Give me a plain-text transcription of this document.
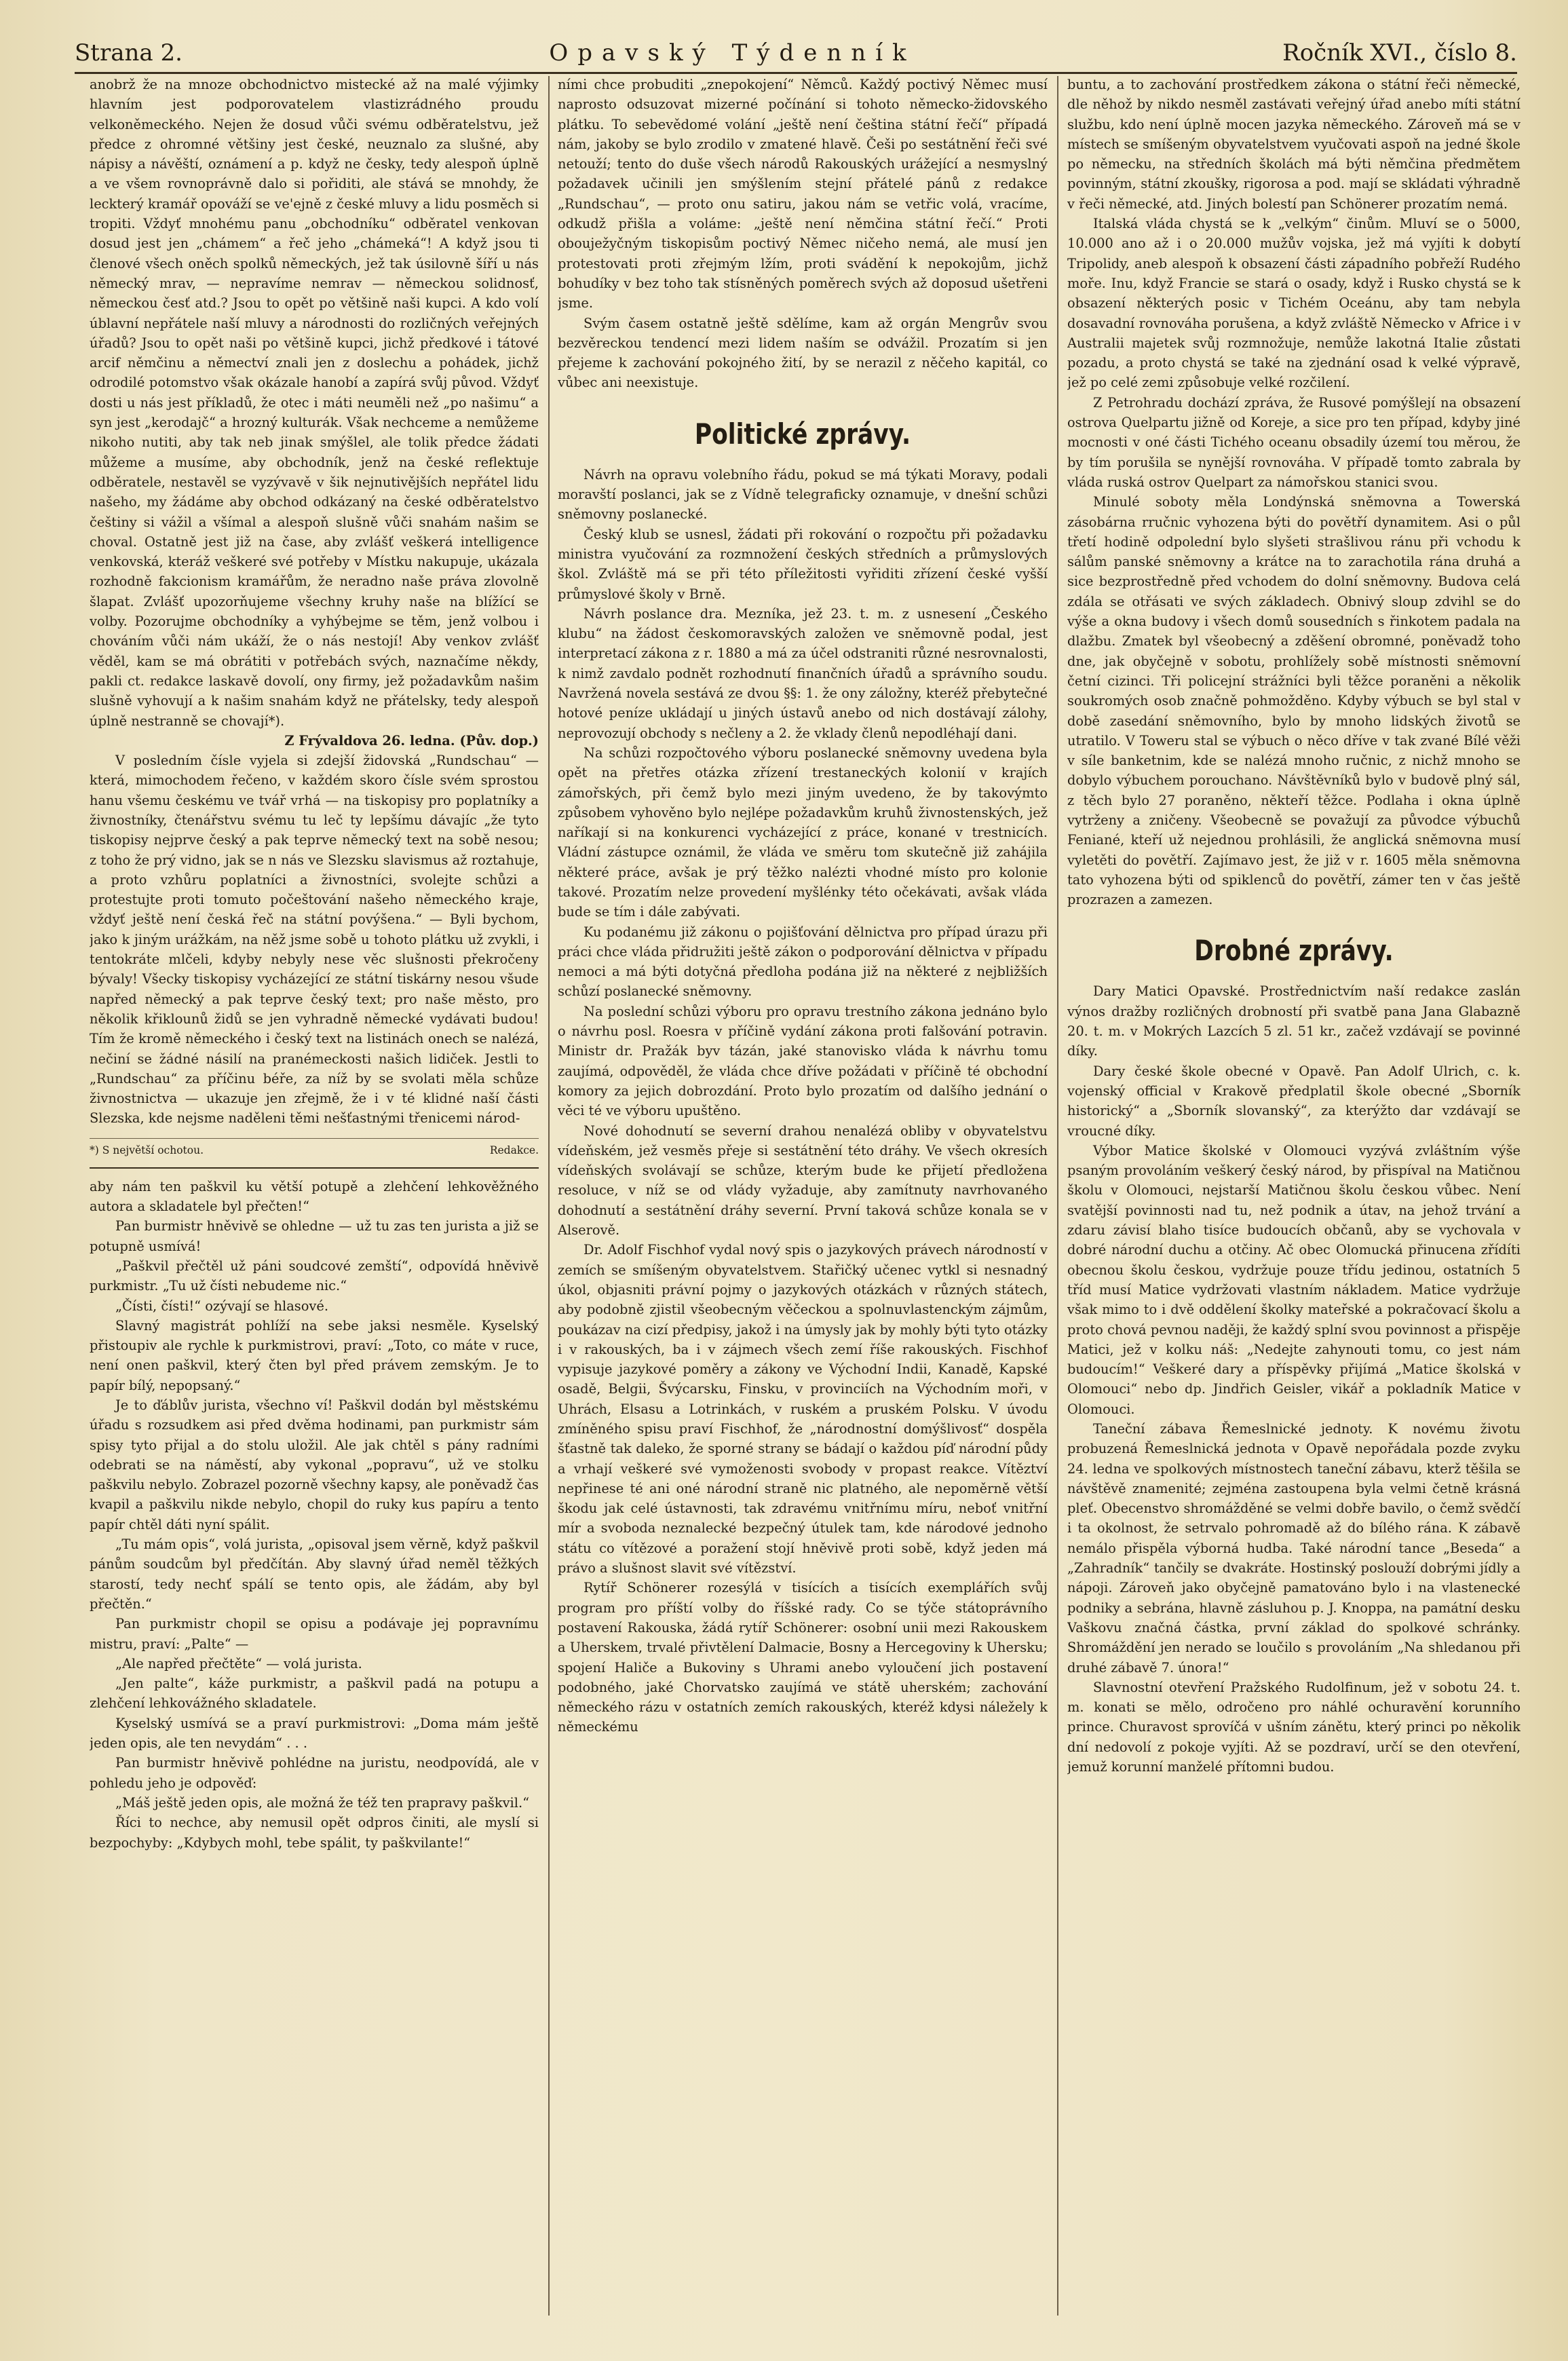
Strana 2.	Opavský Týdenník	Ročník XVI., číslo 8.

anobrž že na mnoze obchodnictvo mistecké až na malé výjimky hlavním jest podporovatelem vlastizrádného proudu velkoněmeckého. Nejen že dosud vůči svému odběratelstvu, jež předce z ohromné většiny jest české, neuznalo za slušné, aby nápisy a návěští, oznámení a p. když ne česky, tedy alespoň úplně a ve všem rovnoprávně dalo si pořiditi, ale stává se mnohdy, že leckterý kramář opováží se ve'ejně z české mluvy a lidu posměch si tropiti. Vždyť mnohému panu „obchodníku“ odběratel venkovan dosud jest jen „chámem“ a řeč jeho „chámeká“! A když jsou ti členové všech oněch spolků německých, jež tak úsilovně šíří u nás německý mrav, — nepravíme nemrav — německou solidnosť, německou česť atd.? Jsou to opět po většině naši kupci. A kdo volí úblavní nepřátele naší mluvy a národnosti do rozličných veřejných úřadů? Jsou to opět naši po většině kupci, jichž předkové i tátové arcif němčinu a němectví znali jen z doslechu a pohádek, jichž odrodilé potomstvo však okázale hanobí a zapírá svůj původ. Vždyť dosti u nás jest příkladů, že otec i máti neuměli než „po našimu“ a syn jest „kerodajč“ a hrozný kulturák. Však nechceme a nemůžeme nikoho nutiti, aby tak neb jinak smýšlel, ale tolik předce žádati můžeme a musíme, aby obchodník, jenž na české reflektuje odběratele, nestavěl se vyzývavě v šik nejnutivějších nepřátel lidu našeho, my žádáme aby obchod odkázaný na české odběratelstvo češtiny si vážil a všímal a alespoň slušně vůči snahám našim se choval. Ostatně jest již na čase, aby zvlášť veškerá intelligence venkovská, kteráž veškeré své potřeby v Místku nakupuje, ukázala rozhodně fakcionism kramářům, že neradno naše práva zlovolně šlapat. Zvlášť upozorňujeme všechny kruhy naše na blížící se volby. Pozorujme obchodníky a vyhýbejme se těm, jenž volbou i chováním vůči nám ukáží, že o nás nestojí! Aby venkov zvlášť věděl, kam se má obrátiti v potřebách svých, naznačíme někdy, pakli ct. redakce laskavě dovolí, ony firmy, jež požadavkům našim slušně vyhovují a k našim snahám když ne přátelsky, tedy alespoň úplně nestranně se chovají*).

Z Frývaldova 26. ledna. (Pův. dop.)

V posledním čísle vyjela si zdejší židovská „Rundschau“ — která, mimochodem řečeno, v každém skoro čísle svém sprostou hanu všemu českému ve tvář vrhá — na tiskopisy pro poplatníky a živnostníky, čtenářstvu svému tu leč ty lepšímu dávajíc „že tyto tiskopisy nejprve český a pak teprve německý text na sobě nesou; z toho že prý vidno, jak se n nás ve Slezsku slavismus až roztahuje, a proto vzhůru poplatníci a živnostníci, svolejte schůzi a protestujte proti tomuto počeštování našeho německého kraje, vždyť ještě není česká řeč na státní povýšena.“ — Byli bychom, jako k jiným urážkám, na něž jsme sobě u tohoto plátku už zvykli, i tentokráte mlčeli, kdyby nebyly nese věc slušnosti překročeny bývaly! Všecky tiskopisy vycházející ze státní tiskárny nesou všude napřed německý a pak teprve český text; pro naše město, pro několik křiklounů židů se jen vyhradně německé vydávati budou! Tím že kromě německého i český text na listinách onech se nalézá, nečiní se žádné násilí na pranémeckosti našich lidiček. Jestli to „Rundschau“ za příčinu béře, za níž by se svolati měla schůze živnostnictva — ukazuje jen zřejmě, že i v té klidné naší části Slezska, kde nejsme naděleni těmi nešťastnými třenicemi národ-

*) S největší ochotou.	Redakce.

aby nám ten paškvil ku větší potupě a zlehčení lehkověžného autora a skladatele byl přečten!“

Pan burmistr hněvivě se ohledne — už tu zas ten jurista a již se potupně usmívá!

„Paškvil přečtěl už páni soudcové zemští“, odpovídá hněvivě purkmistr. „Tu už čísti nebudeme nic.“

„Čísti, čísti!“ ozývají se hlasové.

Slavný magistrát pohlíží na sebe jaksi nesměle. Kyselský přistoupiv ale rychle k purkmistrovi, praví: „Toto, co máte v ruce, není onen paškvil, který čten byl před právem zemským. Je to papír bílý, nepopsaný.“

Je to ďáblův jurista, všechno ví! Paškvil dodán byl městskému úřadu s rozsudkem asi před dvěma hodinami, pan purkmistr sám spisy tyto přijal a do stolu uložil. Ale jak chtěl s pány radními odebrati se na náměstí, aby vykonal „popravu“, už ve stolku paškvilu nebylo. Zobrazel pozorně všechny kapsy, ale poněvadž čas kvapil a paškvilu nikde nebylo, chopil do ruky kus papíru a tento papír chtěl dáti nyní spálit.

„Tu mám opis“, volá jurista, „opisoval jsem věrně, když paškvil pánům soudcům byl předčítán. Aby slavný úřad neměl těžkých starostí, tedy nechť spálí se tento opis, ale žádám, aby byl přečtěn.“

Pan purkmistr chopil se opisu a podávaje jej popravnímu mistru, praví: „Palte“ —

„Ale napřed přečtěte“ — volá jurista.

„Jen palte“, káže purkmistr, a paškvil padá na potupu a zlehčení lehkovážného skladatele.

Kyselský usmívá se a praví purkmistrovi: „Doma mám ještě jeden opis, ale ten nevydám“ . . .

Pan burmistr hněvivě pohlédne na juristu, neodpovídá, ale v pohledu jeho je odpověď:

„Máš ještě jeden opis, ale možná že též ten prapravy paškvil.“

Říci to nechce, aby nemusil opět odpros činiti, ale myslí si bezpochyby: „Kdybych mohl, tebe spálit, ty paškvilante!“

ními chce probuditi „znepokojení“ Němců. Každý poctivý Němec musí naprosto odsuzovat mizerné počínání si tohoto německo-židovského plátku. To sebevědomé volání „ještě není čeština státní řečí“ případá nám, jakoby se bylo zrodilo v zmatené hlavě. Češi po sestátnění řeči své netouží; tento do duše všech národů Rakouských urážející a nesmyslný požadavek učinili jen smýšlením stejní přátelé pánů z redakce „Rundschau“, — proto onu satiru, jakou nám se vetřic volá, vracíme, odkudž přišla a voláme: „ještě není němčina státní řečí.“ Proti obouježyčným tiskopisům poctivý Němec ničeho nemá, ale musí jen protestovati proti zřejmým lžím, proti svádění k nepokojům, jichž bohudíky v bez toho tak stísněných poměrech svých až doposud ušetřeni jsme.

Svým časem ostatně ještě sdělíme, kam až orgán Mengrův svou bezvěreckou tendencí mezi lidem naším se odvážil. Prozatím si jen přejeme k zachování pokojného žití, by se nerazil z něčeho kapitál, co vůbec ani neexistuje.

Politické zprávy.

Návrh na opravu volebního řádu, pokud se má týkati Moravy, podali moravští poslanci, jak se z Vídně telegraficky oznamuje, v dnešní schůzi sněmovny poslanecké.

Český klub se usnesl, žádati při rokování o rozpočtu při požadavku ministra vyučování za rozmnožení českých středních a průmyslových škol. Zvláště má se při této příležitosti vyřiditi zřízení české vyšší průmyslové školy v Brně.

Návrh poslance dra. Mezníka, jež 23. t. m. z usnesení „Českého klubu“ na žádost českomoravských založen ve sněmovně podal, jest interpretací zákona z r. 1880 a má za účel odstraniti různé nesrovnalosti, k nimž zavdalo podnět rozhodnutí finančních úřadů a správního soudu. Navržená novela sestává ze dvou §§: 1. že ony záložny, kteréž přebytečné hotové peníze ukládají u jiných ústavů anebo od nich dostávají zálohy, neprovozují obchody s nečleny a 2. že vklady členů nepodléhají dani.

Na schůzi rozpočtového výboru poslanecké sněmovny uvedena byla opět na přetřes otázka zřízení trestaneckých kolonií v krajích zámořských, při čemž bylo mezi jiným uvedeno, že by takovýmto způsobem vyhověno bylo nejlépe požadavkům kruhů živnostenských, jež naříkají si na konkurenci vycházející z práce, konané v trestnicích. Vládní zástupce oznámil, že vláda ve směru tom skutečně již zahájila některé práce, avšak je prý těžko nalézti vhodné místo pro kolonie takové. Prozatím nelze provedení myšlénky této očekávati, avšak vláda bude se tím i dále zabývati.

Ku podanému již zákonu o pojišťování dělnictva pro případ úrazu při práci chce vláda přidružiti ještě zákon o podporování dělnictva v případu nemoci a má býti dotyčná předloha podána již na některé z nejbližších schůzí poslanecké sněmovny.

Na poslední schůzi výboru pro opravu trestního zákona jednáno bylo o návrhu posl. Roesra v příčině vydání zákona proti falšování potravin. Ministr dr. Pražák byv tázán, jaké stanovisko vláda k návrhu tomu zaujímá, odpověděl, že vláda chce dříve požádati v příčině té obchodní komory za jejich dobrozdání. Proto bylo prozatím od dalšího jednání o věci té ve výboru upuštěno.

Nové dohodnutí se severní drahou nenalézá obliby v obyvatelstvu vídeňském, jež vesměs přeje si sestátnění této dráhy. Ve všech okresích vídeňských svolávají se schůze, kterým bude ke přijetí předložena resoluce, v níž se od vlády vyžaduje, aby zamítnuty navrhovaného dohodnutí a sestátnění dráhy severní. První taková schůze konala se v Alserově.

Dr. Adolf Fischhof vydal nový spis o jazykových právech národností v zemích se smíšeným obyvatelstvem. Stařičký učenec vytkl si nesnadný úkol, objasniti právní pojmy o jazykových otázkách v různých státech, aby podobně zjistil všeobecným věčeckou a spolnuvlastenckým zájmům, poukázav na cizí předpisy, jakož i na úmysly jak by mohly býti tyto otázky i v rakouských, ba i v zájmech všech zemí říše rakouských. Fischhof vypisuje jazykové poměry a zákony ve Východní Indii, Kanadě, Kapské osadě, Belgii, Švýcarsku, Finsku, v provinciích na Východním moři, v Uhrách, Elsasu a Lotrinkách, v ruském a pruském Polsku. V úvodu zmíněného spisu praví Fischhof, že „národnostní domýšlivosť“ dospěla šťastně tak daleko, že sporné strany se bádají o každou píď národní půdy a vrhají veškeré své vymoženosti svobody v propast reakce. Vítěztví nepřinese té ani oné národní straně nic platného, ale nepoměrně větší škodu jak celé ústavnosti, tak zdravému vnitřnímu míru, neboť vnitřní mír a svoboda neznalecké bezpečný útulek tam, kde národové jednoho státu co vítězové a poražení stojí hněvivě proti sobě, když jeden má právo a slušnost slavit své vítězství.

Rytíř Schönerer rozesýlá v tisících a tisících exemplářích svůj program pro příští volby do říšské rady. Co se týče státoprávního postavení Rakouska, žádá rytíř Schönerer: osobní unii mezi Rakouskem a Uherskem, trvalé přivtělení Dalmacie, Bosny a Hercegoviny k Uhersku; spojení Haliče a Bukoviny s Uhrami anebo vyloučení jich postavení podobného, jaké Chorvatsko zaujímá ve státě uherském; zachování německého rázu v ostatních zemích rakouských, kteréž kdysi náležely k německému

buntu, a to zachování prostředkem zákona o státní řeči německé, dle něhož by nikdo nesměl zastávati veřejný úřad anebo míti státní službu, kdo není úplně mocen jazyka německého. Zároveň má se v místech se smíšeným obyvatelstvem vyučovati aspoň na jedné škole po německu, na středních školách má býti němčina předmětem povinným, státní zkoušky, rigorosa a pod. mají se skládati výhradně v řeči německé, atd. Jiných bolestí pan Schönerer prozatím nemá.

Italská vláda chystá se k „velkým“ činům. Mluví se o 5000, 10.000 ano až i o 20.000 mužův vojska, jež má vyjíti k dobytí Tripolidy, aneb alespoň k obsazení části západního pobřeží Rudého moře. Inu, když Francie se stará o osady, když i Rusko chystá se k obsazení některých posic v Tichém Oceánu, aby tam nebyla dosavadní rovnováha porušena, a když zvláště Německo v Africe i v Australii majetek svůj rozmnožuje, nemůže lakotná Italie zůstati pozadu, a proto chystá se také na zjednání osad k velké výpravě, jež po celé zemi způsobuje velké rozčilení.

Z Petrohradu dochází zpráva, že Rusové pomýšlejí na obsazení ostrova Quelpartu jižně od Koreje, a sice pro ten případ, kdyby jiné mocnosti v oné části Tichého oceanu obsadily území tou měrou, že by tím porušila se nynější rovnováha. V případě tomto zabrala by vláda ruská ostrov Quelpart za námořskou stanici svou.

Minulé soboty měla Londýnská sněmovna a Towerská zásobárna rručnic vyhozena býti do povětří dynamitem. Asi o půl třetí hodině odpolední bylo slyšeti strašlivou ránu při vchodu k sálům panské sněmovny a krátce na to zarachotila rána druhá a sice bezprostředně před vchodem do dolní sněmovny. Budova celá zdála se otřásati ve svých základech. Obnivý sloup zdvihl se do výše a okna budovy i všech domů sousedních s řinkotem padala na dlažbu. Zmatek byl všeobecný a zděšení obromné, poněvadž toho dne, jak obyčejně v sobotu, prohlížely sobě místnosti sněmovní četní cizinci. Tři policejní strážníci byli těžce poraněni a několik soukromých osob značně pohmožděno. Kdyby výbuch se byl stal v době zasedání sněmovního, bylo by mnoho lidských životů se utratilo. V Toweru stal se výbuch o něco dříve v tak zvané Bílé věži v síle banketnim, kde se nalézá mnoho ručnic, z nichž mnoho se dobylo výbuchem porouchano. Návštěvníků bylo v budově plný sál, z těch bylo 27 poraněno, někteří těžce. Podlaha i okna úplně vytrženy a zničeny. Všeobecně se považují za původce výbuchů Feniané, kteří už nejednou prohlásili, že anglická sněmovna musí vyletěti do povětří. Zajímavo jest, že již v r. 1605 měla sněmovna tato vyhozena býti od spiklenců do povětří, zámer ten v čas ještě prozrazen a zamezen.

Drobné zprávy.

Dary Matici Opavské. Prostřednictvím naší redakce zaslán výnos dražby rozličných drobností při svatbě pana Jana Glabazně 20. t. m. v Mokrých Lazcích 5 zl. 51 kr., začež vzdávají se povinné díky.

Dary české škole obecné v Opavě. Pan Adolf Ulrich, c. k. vojenský official v Krakově předplatil škole obecné „Sborník historický“ a „Sborník slovanský“, za kterýžto dar vzdávají se vroucné díky.

Výbor Matice školské v Olomouci vyzývá zvláštním výše psaným provoláním veškerý český národ, by přispíval na Matičnou školu v Olomouci, nejstarší Matičnou školu českou vůbec. Není svatější povinnosti nad tu, než podnik a útav, na jehož trvání a zdaru závisí blaho tisíce budoucích občanů, aby se vychovala v dobré národní duchu a otčiny. Ač obec Olomucká přinucena zřídíti obecnou školu českou, vydržuje pouze třídu jedinou, ostatních 5 tříd musí Matice vydržovati vlastním nákladem. Matice vydržuje však mimo to i dvě oddělení školky mateřské a pokračovací školu a proto chová pevnou naději, že každý splní svou povinnost a přispěje Matici, jež v kolku náš: „Nedejte zahynouti tomu, co jest nám budoucím!“ Veškeré dary a příspěvky přijímá „Matice školská v Olomouci“ nebo dp. Jindřich Geisler, vikář a pokladník Matice v Olomouci.

Taneční zábava Řemeslnické jednoty. K novému životu probuzená Řemeslnická jednota v Opavě nepořádala pozde zvyku 24. ledna ve spolkových místnostech taneční zábavu, kterž těšila se návštěvě znamenité; zejména zastoupena byla velmi četně krásná pleť. Obecenstvo shromážděné se velmi dobře bavilo, o čemž svědčí i ta okolnost, že setrvalo pohromadě až do bílého rána. K zábavě nemálo přispěla výborná hudba. Také národní tance „Beseda“ a „Zahradník“ tančily se dvakráte. Hostinský poslouží dobrými jídly a nápoji. Zároveň jako obyčejně pamatováno bylo i na vlastenecké podniky a sebrána, hlavně zásluhou p. J. Knoppa, na památní desku Vaškovu značná částka, první základ do spolkové schránky. Shromáždění jen nerado se loučilo s provoláním „Na shledanou při druhé zábavě 7. února!“

Slavnostní otevření Pražského Rudolfinum, jež v sobotu 24. t. m. konati se mělo, odročeno pro náhlé ochuravění korunního prince. Churavost sprovíčá v ušním zánětu, který princi po několik dní nedovolí z pokoje vyjíti. Až se pozdraví, určí se den otevření, jemuž korunní manželé přítomni budou.
